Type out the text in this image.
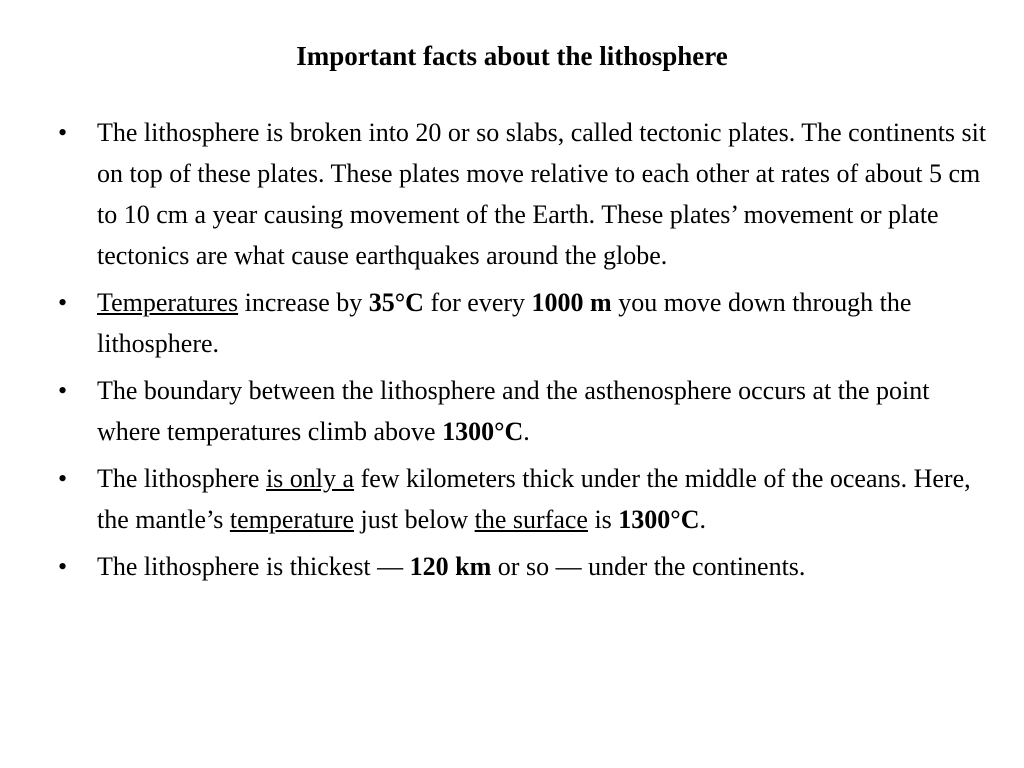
Important facts about the lithosphere
•	The lithosphere is broken into 20 or so slabs, called tectonic plates. The continents sit on top of these plates. These plates move relative to each other at rates of about 5 cm to 10 cm a year causing movement of the Earth. These plates’ movement or plate tectonics are what cause earthquakes around the globe.
•	Temperatures increase by 35°C for every 1000 m you move down through the lithosphere.
•	The boundary between the lithosphere and the asthenosphere occurs at the point where temperatures climb above 1300°C.
•	The lithosphere is only a few kilometers thick under the middle of the oceans. Here, the mantle’s temperature just below the surface is 1300°C.
•	The lithosphere is thickest — 120 km or so — under the continents.
